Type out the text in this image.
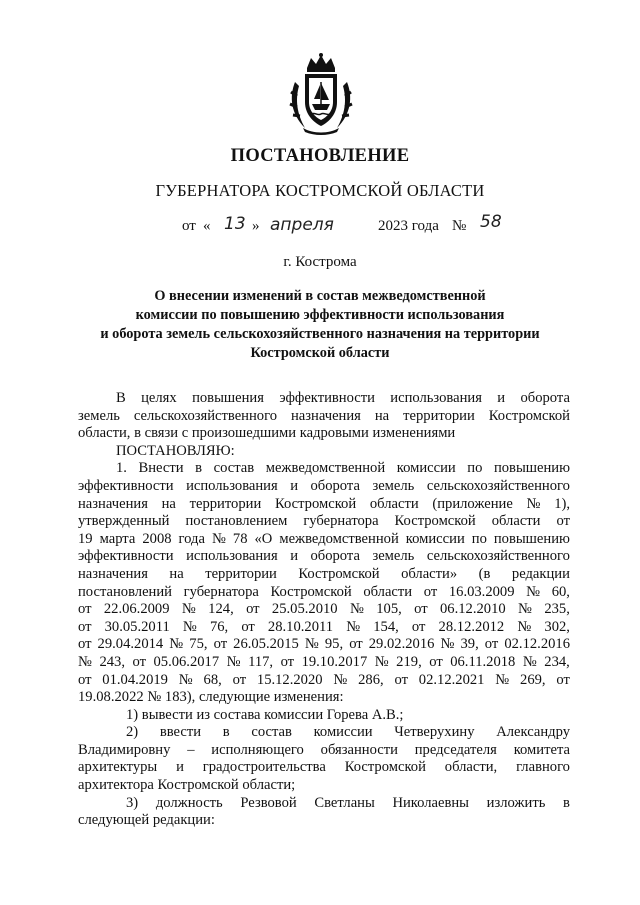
ПОСТАНОВЛЕНИЕ
ГУБЕРНАТОРА КОСТРОМСКОЙ ОБЛАСТИ
от « 13 » апреля	2023 года № 58
г. Кострома
О внесении изменений в состав межведомственной
комиссии по повышению эффективности использования
и оборота земель сельскохозяйственного назначения на территории
Костромской области
В целях повышения эффективности использования и оборота
земель сельскохозяйственного назначения на территории Костромской
области, в связи с произошедшими кадровыми изменениями
ПОСТАНОВЛЯЮ:
1. Внести в состав межведомственной комиссии по повышению
эффективности использования и оборота земель сельскохозяйственного
назначения на территории Костромской области (приложение № 1),
утвержденный постановлением губернатора Костромской области от
19 марта 2008 года № 78 «О межведомственной комиссии по повышению
эффективности использования и оборота земель сельскохозяйственного
назначения на территории Костромской области» (в редакции
постановлений губернатора Костромской области от 16.03.2009 № 60,
от 22.06.2009 № 124, от 25.05.2010 № 105, от 06.12.2010 № 235,
от 30.05.2011 № 76, от 28.10.2011 № 154, от 28.12.2012 № 302,
от 29.04.2014 № 75, от 26.05.2015 № 95, от 29.02.2016 № 39, от 02.12.2016
№ 243, от 05.06.2017 № 117, от 19.10.2017 № 219, от 06.11.2018 № 234,
от 01.04.2019 № 68, от 15.12.2020 № 286, от 02.12.2021 № 269, от
19.08.2022 № 183), следующие изменения:
1) вывести из состава комиссии Горева А.В.;
2) ввести в состав комиссии Четверухину Александру
Владимировну – исполняющего обязанности председателя комитета
архитектуры и градостроительства Костромской области, главного
архитектора Костромской области;
3) должность Резвовой Светланы Николаевны изложить в
следующей редакции:
